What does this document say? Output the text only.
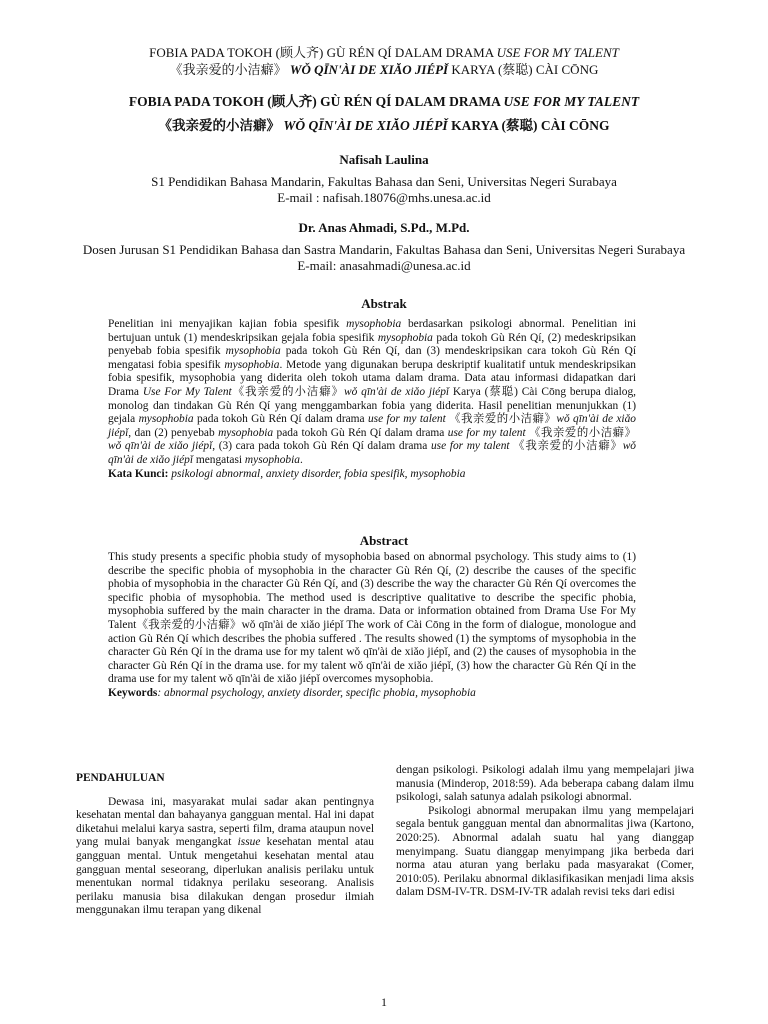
FOBIA PADA TOKOH (顾人齐) GÙ RÉN QÍ DALAM DRAMA USE FOR MY TALENT
《我亲爱的小洁癖》 WǑ QĪN'ÀI DE XIĂO JIÉPǏ KARYA (蔡聪) CÀI CŌNG
FOBIA PADA TOKOH (顾人齐) GÙ RÉN QÍ DALAM DRAMA USE FOR MY TALENT
《我亲爱的小洁癖》 WǑ QĪN'ÀI DE XIĂO JIÉPǏ KARYA (蔡聪) CÀI CŌNG
Nafisah Laulina
S1 Pendidikan Bahasa Mandarin, Fakultas Bahasa dan Seni, Universitas Negeri Surabaya
E-mail : nafisah.18076@mhs.unesa.ac.id
Dr. Anas Ahmadi, S.Pd., M.Pd.
Dosen Jurusan S1 Pendidikan Bahasa dan Sastra Mandarin, Fakultas Bahasa dan Seni, Universitas Negeri Surabaya
E-mail: anasahmadi@unesa.ac.id
Abstrak
Penelitian ini menyajikan kajian fobia spesifik mysophobia berdasarkan psikologi abnormal. Penelitian ini bertujuan untuk (1) mendeskripsikan gejala fobia spesifik mysophobia pada tokoh Gù Rén Qí, (2) medeskripsikan penyebab fobia spesifik mysophobia pada tokoh Gù Rén Qí, dan (3) mendeskripsikan cara tokoh Gù Rén Qí mengatasi fobia spesifik mysophobia. Metode yang digunakan berupa deskriptif kualitatif untuk mendeskripsikan fobia spesifik, mysophobia yang diderita oleh tokoh utama dalam drama. Data atau informasi didapatkan dari Drama Use For My Talent《我亲爱的小洁癖》wǒ qīn'ài de xiǎo jiépǐ Karya (蔡聪) Cài Cōng berupa dialog, monolog dan tindakan Gù Rén Qí yang menggambarkan fobia yang diderita. Hasil penelitian menunjukkan (1) gejala mysophobia pada tokoh Gù Rén Qí dalam drama use for my talent 《我亲爱的小洁癖》wǒ qīn'ài de xiǎo jiépǐ, dan (2) penyebab mysophobia pada tokoh Gù Rén Qí dalam drama use for my talent 《我亲爱的小洁癖》wǒ qīn'ài de xiǎo jiépǐ, (3) cara pada tokoh Gù Rén Qí dalam drama use for my talent 《我亲爱的小洁癖》wǒ qīn'ài de xiǎo jiépǐ mengatasi mysophobia.
Kata Kunci: psikologi abnormal, anxiety disorder, fobia spesifik, mysophobia
Abstract
This study presents a specific phobia study of mysophobia based on abnormal psychology. This study aims to (1) describe the specific phobia of mysophobia in the character Gù Rén Qí, (2) describe the causes of the specific phobia of mysophobia in the character Gù Rén Qí, and (3) describe the way the character Gù Rén Qí overcomes the specific phobia of mysophobia. The method used is descriptive qualitative to describe the specific phobia, mysophobia suffered by the main character in the drama. Data or information obtained from Drama Use For My Talent《我亲爱的小洁癖》wǒ qīn'ài de xiǎo jiépǐ The work of Cài Cōng in the form of dialogue, monologue and action Gù Rén Qí which describes the phobia suffered . The results showed (1) the symptoms of mysophobia in the character Gù Rén Qí in the drama use for my talent wǒ qīn'ài de xiǎo jiépǐ, and (2) the causes of mysophobia in the character Gù Rén Qí in the drama use. for my talent wǒ qīn'ài de xiǎo jiépǐ, (3) how the character Gù Rén Qí in the drama use for my talent wǒ qīn'ài de xiǎo jiépǐ overcomes mysophobia.
Keywords: abnormal psychology, anxiety disorder, specific phobia, mysophobia
PENDAHULUAN
Dewasa ini, masyarakat mulai sadar akan pentingnya kesehatan mental dan bahayanya gangguan mental. Hal ini dapat diketahui melalui karya sastra, seperti film, drama ataupun novel yang mulai banyak mengangkat issue kesehatan mental atau gangguan mental. Untuk mengetahui kesehatan mental atau gangguan mental seseorang, diperlukan analisis perilaku untuk menentukan normal tidaknya perilaku seseorang. Analisis perilaku manusia bisa dilakukan dengan prosedur ilmiah menggunakan ilmu terapan yang dikenal
dengan psikologi. Psikologi adalah ilmu yang mempelajari jiwa manusia (Minderop, 2018:59). Ada beberapa cabang dalam ilmu psikologi, salah satunya adalah psikologi abnormal.
Psikologi abnormal merupakan ilmu yang mempelajari segala bentuk gangguan mental dan abnormalitas jiwa (Kartono, 2020:25). Abnormal adalah suatu hal yang dianggap menyimpang. Suatu dianggap menyimpang jika berbeda dari norma atau aturan yang berlaku pada masyarakat (Comer, 2010:05). Perilaku abnormal diklasifikasikan menjadi lima aksis dalam DSM-IV-TR. DSM-IV-TR adalah revisi teks dari edisi
1
